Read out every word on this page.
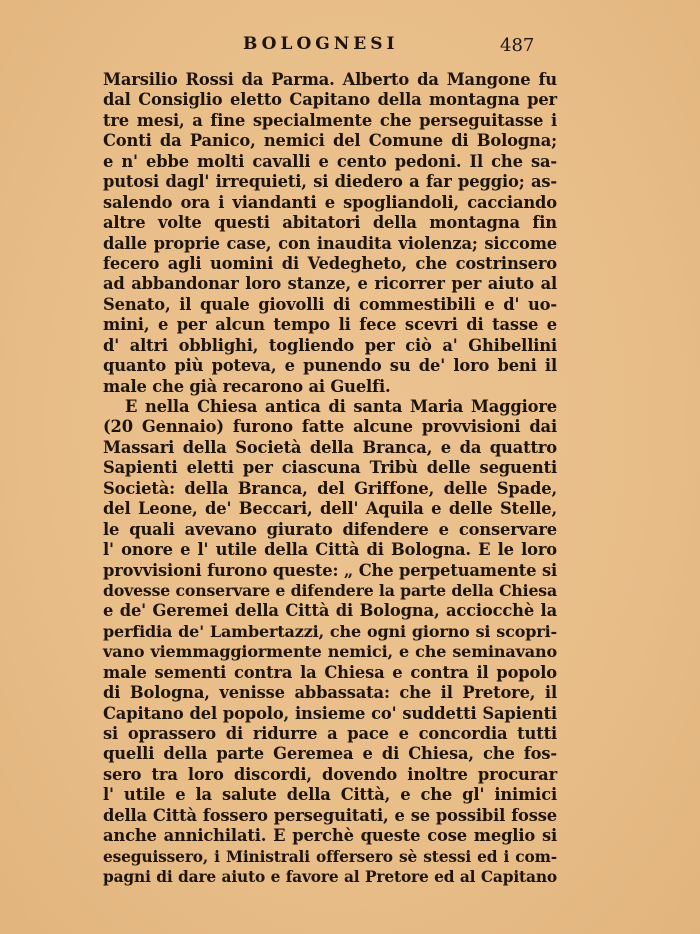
BOLOGNESI	487
Marsilio Rossi da Parma. Alberto da Mangone fu
dal Consiglio eletto Capitano della montagna per
tre mesi, a fine specialmente che perseguitasse i
Conti da Panico, nemici del Comune di Bologna;
e n' ebbe molti cavalli e cento pedoni. Il che sa-
putosi dagl' irrequieti, si diedero a far peggio; as-
salendo ora i viandanti e spogliandoli, cacciando
altre volte questi abitatori della montagna fin
dalle proprie case, con inaudita violenza; siccome
fecero agli uomini di Vedegheto, che costrinsero
ad abbandonar loro stanze, e ricorrer per aiuto al
Senato, il quale giovolli di commestibili e d' uo-
mini, e per alcun tempo li fece scevri di tasse e
d' altri obblighi, togliendo per ciò a' Ghibellini
quanto più poteva, e punendo su de' loro beni il
male che già recarono ai Guelfi.
E nella Chiesa antica di santa Maria Maggiore
(20 Gennaio) furono fatte alcune provvisioni dai
Massari della Società della Branca, e da quattro
Sapienti eletti per ciascuna Tribù delle seguenti
Società: della Branca, del Griffone, delle Spade,
del Leone, de' Beccari, dell' Aquila e delle Stelle,
le quali avevano giurato difendere e conservare
l' onore e l' utile della Città di Bologna. E le loro
provvisioni furono queste: „ Che perpetuamente si
dovesse conservare e difendere la parte della Chiesa
e de' Geremei della Città di Bologna, acciocchè la
perfidia de' Lambertazzi, che ogni giorno si scopri-
vano viemmaggiormente nemici, e che seminavano
male sementi contra la Chiesa e contra il popolo
di Bologna, venisse abbassata: che il Pretore, il
Capitano del popolo, insieme co' suddetti Sapienti
si oprassero di ridurre a pace e concordia tutti
quelli della parte Geremea e di Chiesa, che fos-
sero tra loro discordi, dovendo inoltre procurar
l' utile e la salute della Città, e che gl' inimici
della Città fossero perseguitati, e se possibil fosse
anche annichilati. E perchè queste cose meglio si
eseguissero, i Ministrali offersero sè stessi ed i com-
pagni di dare aiuto e favore al Pretore ed al Capitano
